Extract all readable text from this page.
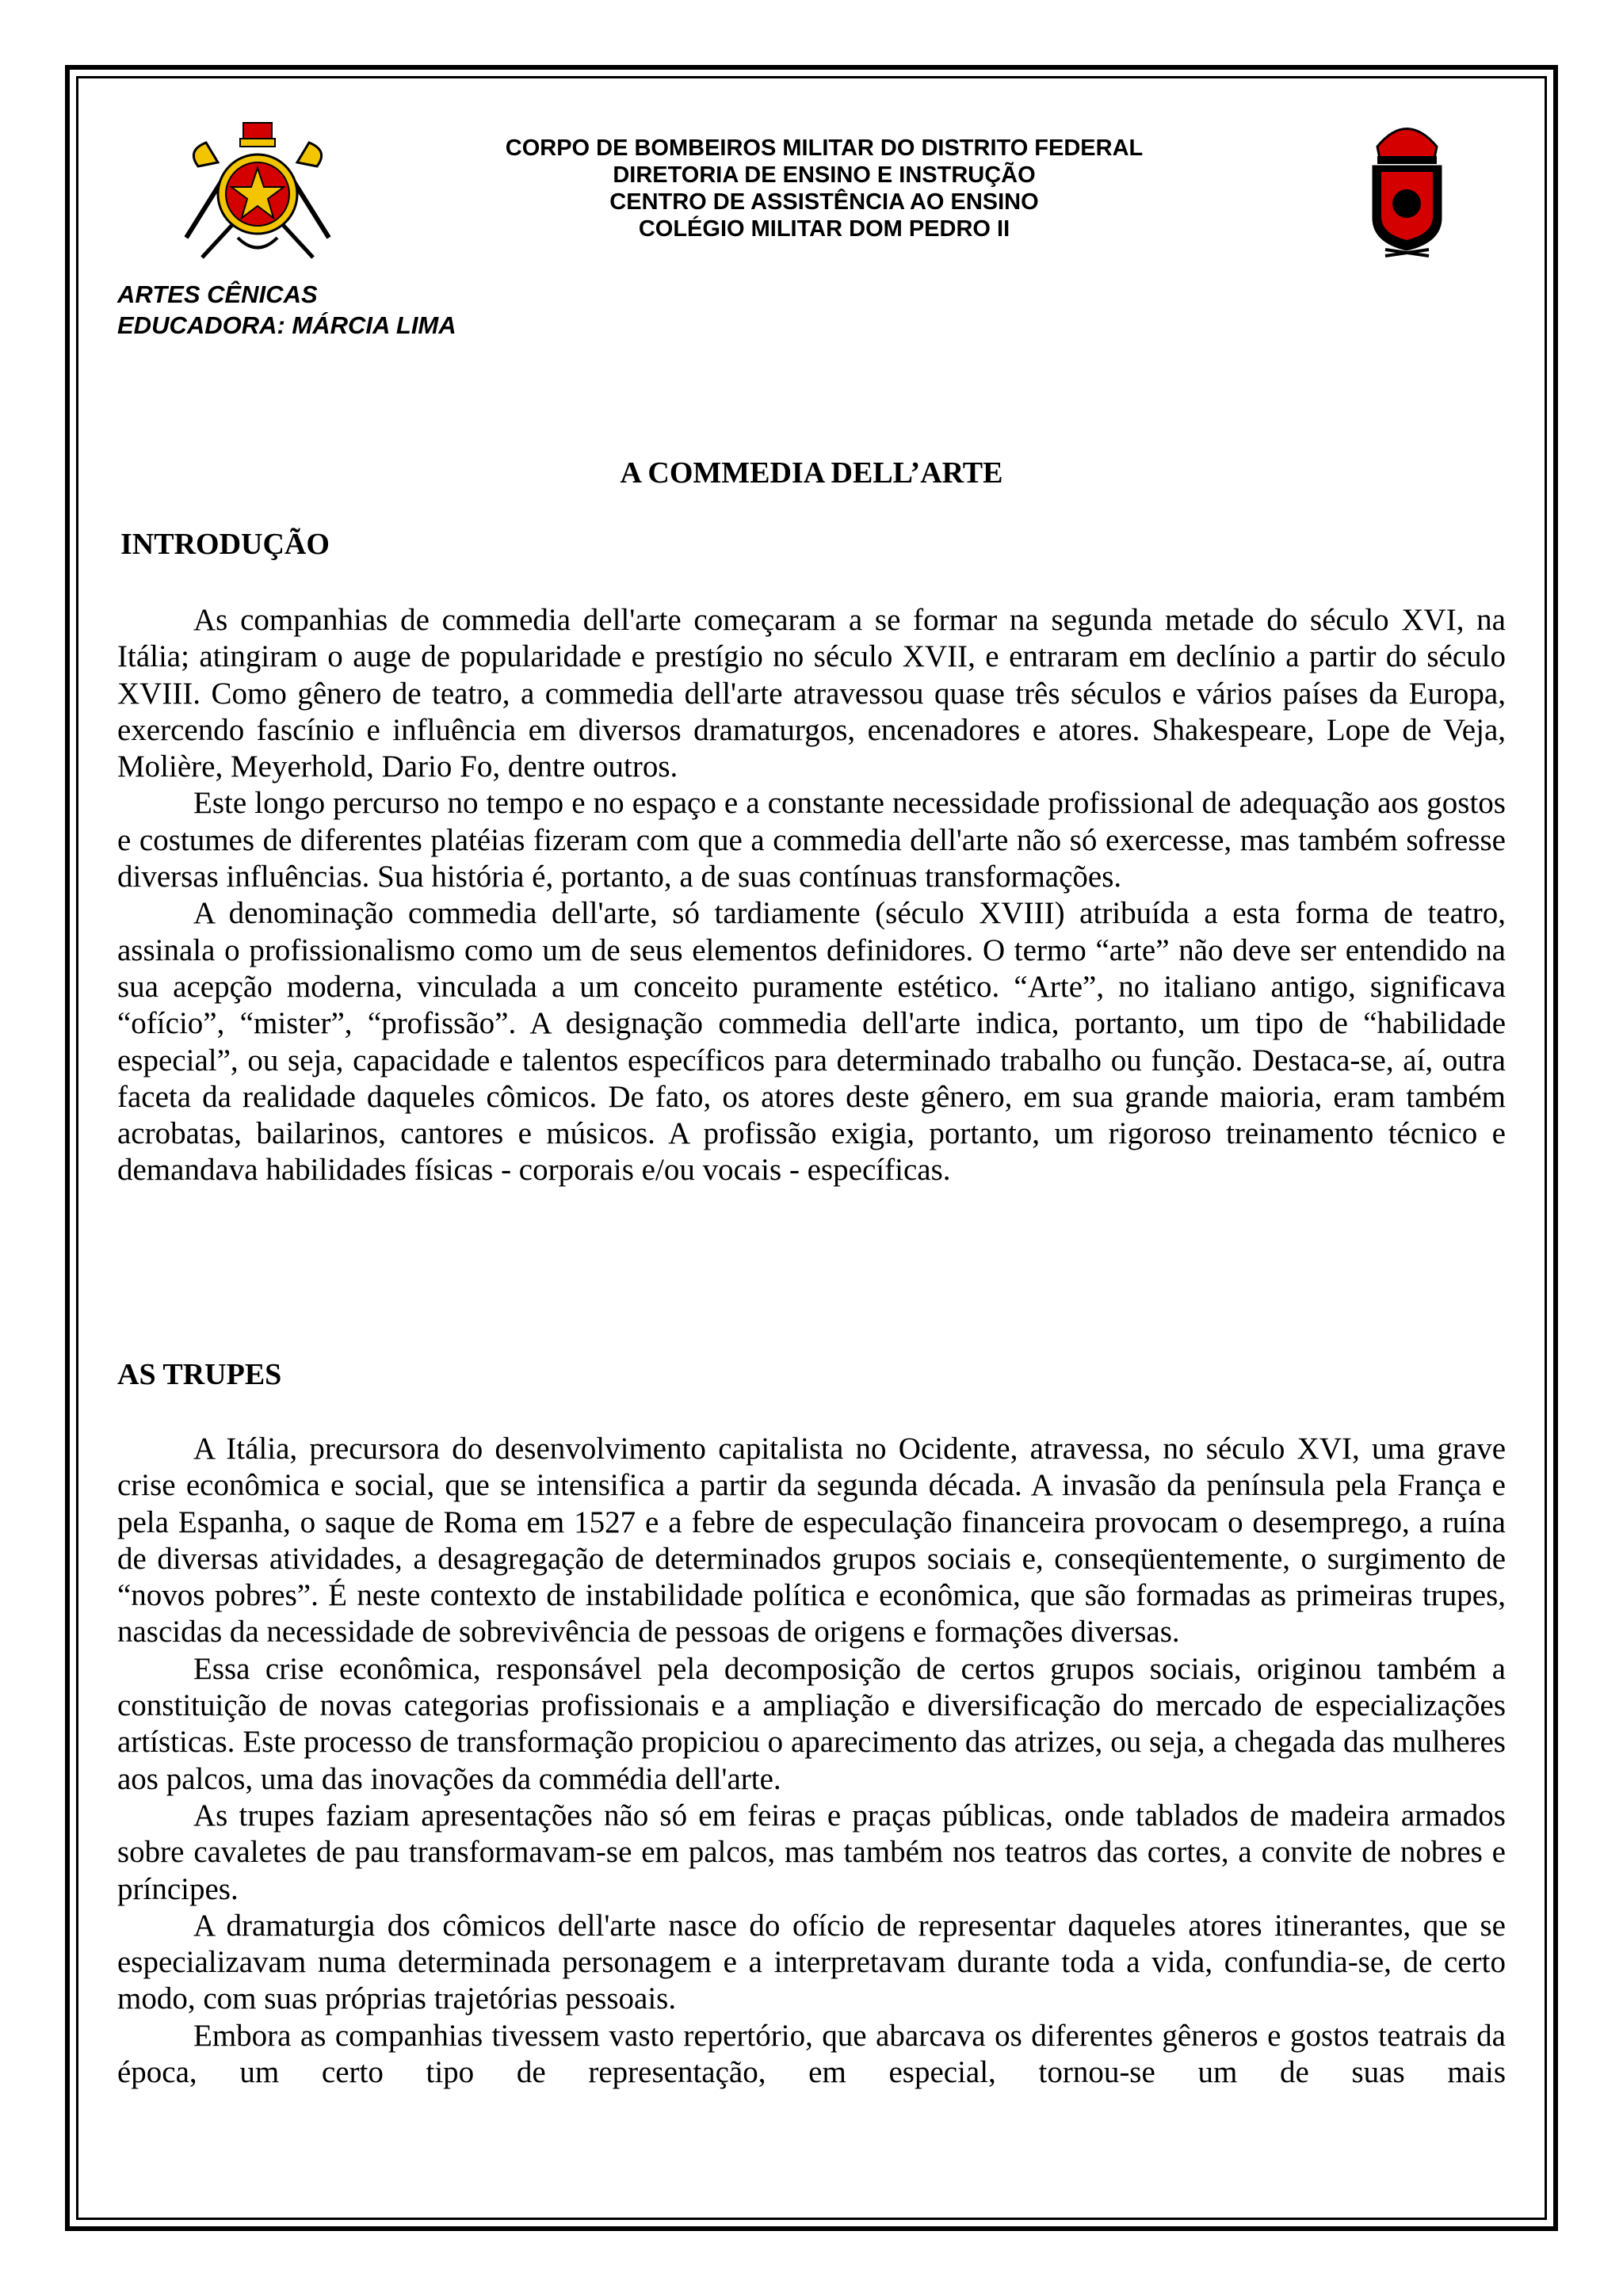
CORPO DE BOMBEIROS MILITAR DO DISTRITO FEDERAL
DIRETORIA DE ENSINO E INSTRUÇÃO
CENTRO DE ASSISTÊNCIA AO ENSINO
COLÉGIO MILITAR DOM PEDRO II
ARTES CÊNICAS
EDUCADORA: MÁRCIA LIMA
A COMMEDIA DELL’ARTE
INTRODUÇÃO

As companhias de commedia dell'arte começaram a se formar na segunda metade do século XVI, na Itália; atingiram o auge de popularidade e prestígio no século XVII, e entraram em declínio a partir do século XVIII. Como gênero de teatro, a commedia dell'arte atravessou quase três séculos e vários países da Europa, exercendo fascínio e influência em diversos dramaturgos, encenadores e atores. Shakespeare, Lope de Veja, Molière, Meyerhold, Dario Fo, dentre outros.

Este longo percurso no tempo e no espaço e a constante necessidade profissional de adequação aos gostos e costumes de diferentes platéias fizeram com que a commedia dell'arte não só exercesse, mas também sofresse diversas influências. Sua história é, portanto, a de suas contínuas transformações.

A denominação commedia dell'arte, só tardiamente (século XVIII) atribuída a esta forma de teatro, assinala o profissionalismo como um de seus elementos definidores. O termo “arte” não deve ser entendido na sua acepção moderna, vinculada a um conceito puramente estético. “Arte”, no italiano antigo, significava “ofício”, “mister”, “profissão”. A designação commedia dell'arte indica, portanto, um tipo de “habilidade especial”, ou seja, capacidade e talentos específicos para determinado trabalho ou função. Destaca-se, aí, outra faceta da realidade daqueles cômicos. De fato, os atores deste gênero, em sua grande maioria, eram também acrobatas, bailarinos, cantores e músicos. A profissão exigia, portanto, um rigoroso treinamento técnico e demandava habilidades físicas - corporais e/ou vocais - específicas.

AS TRUPES

A Itália, precursora do desenvolvimento capitalista no Ocidente, atravessa, no século XVI, uma grave crise econômica e social, que se intensifica a partir da segunda década. A invasão da península pela França e pela Espanha, o saque de Roma em 1527 e a febre de especulação financeira provocam o desemprego, a ruína de diversas atividades, a desagregação de determinados grupos sociais e, conseqüentemente, o surgimento de “novos pobres”. É neste contexto de instabilidade política e econômica, que são formadas as primeiras trupes, nascidas da necessidade de sobrevivência de pessoas de origens e formações diversas.

Essa crise econômica, responsável pela decomposição de certos grupos sociais, originou também a constituição de novas categorias profissionais e a ampliação e diversificação do mercado de especializações artísticas. Este processo de transformação propiciou o aparecimento das atrizes, ou seja, a chegada das mulheres aos palcos, uma das inovações da commédia dell'arte.

As trupes faziam apresentações não só em feiras e praças públicas, onde tablados de madeira armados sobre cavaletes de pau transformavam-se em palcos, mas também nos teatros das cortes, a convite de nobres e príncipes.

A dramaturgia dos cômicos dell'arte nasce do ofício de representar daqueles atores itinerantes, que se especializavam numa determinada personagem e a interpretavam durante toda a vida, confundia-se, de certo modo, com suas próprias trajetórias pessoais.

Embora as companhias tivessem vasto repertório, que abarcava os diferentes gêneros e gostos teatrais da época, um certo tipo de representação, em especial, tornou-se um de suas mais
